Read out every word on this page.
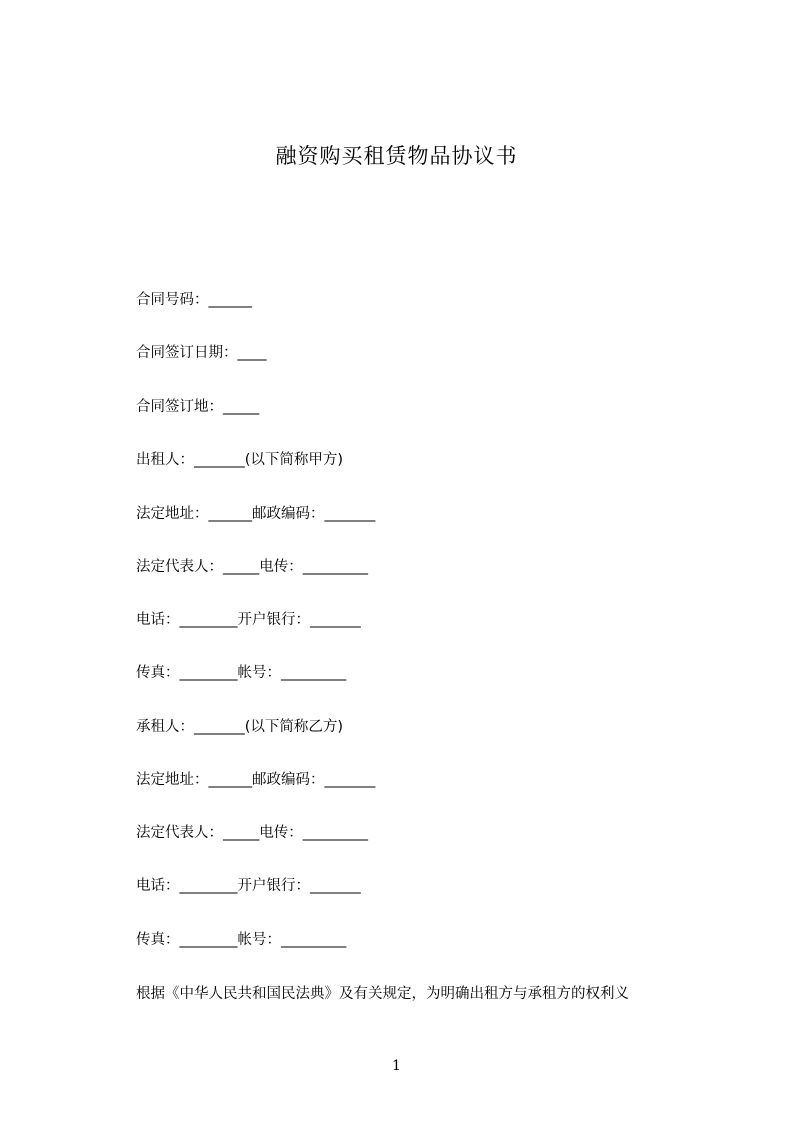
融资购买租赁物品协议书
合同号码：______
合同签订日期：____
合同签订地：_____
出租人：_______(以下简称甲方)
法定地址：______邮政编码：_______
法定代表人：_____电传：_________
电话：________开户银行：_______
传真：________帐号：_________
承租人：_______(以下简称乙方)
法定地址：______邮政编码：_______
法定代表人：_____电传：_________
电话：________开户银行：_______
传真：________帐号：_________
根据《中华人民共和国民法典》及有关规定，为明确出租方与承租方的权利义
1
